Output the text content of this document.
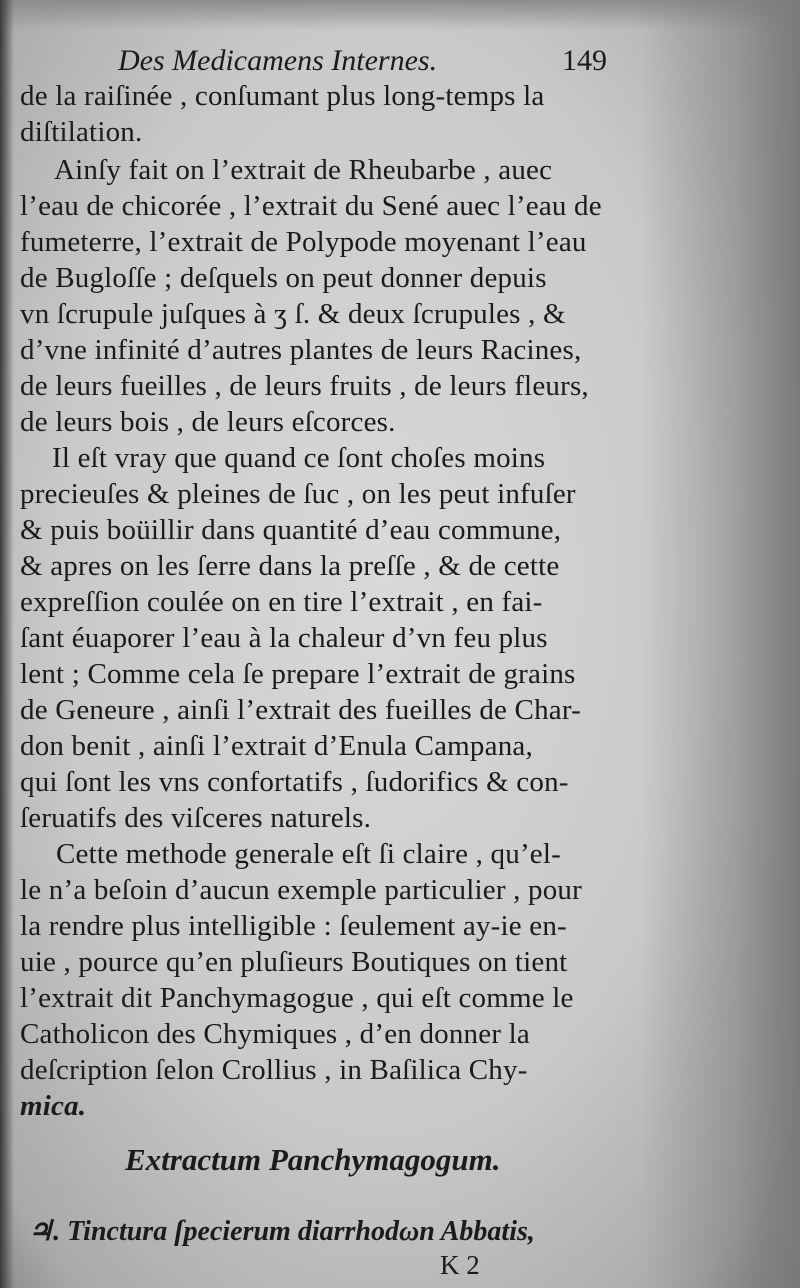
Des Medicamens Internes.	149

de la raiſinée , conſumant plus long-temps la

diſtilation.

Ainſy fait on l’extrait de Rheubarbe , auec

l’eau de chicorée , l’extrait du Sené auec l’eau de

fumeterre, l’extrait de Polypode moyenant l’eau

de Bugloſſe ; deſquels on peut donner depuis

vn ſcrupule juſques à ʒ ſ. & deux ſcrupules , &

d’vne infinité d’autres plantes de leurs Racines,

de leurs fueilles , de leurs fruits , de leurs fleurs,

de leurs bois , de leurs eſcorces.

Il eſt vray que quand ce ſont choſes moins

precieuſes & pleines de ſuc , on les peut infuſer

& puis boüillir dans quantité d’eau commune,

& apres on les ſerre dans la preſſe , & de cette

expreſſion coulée on en tire l’extrait , en fai-

ſant éuaporer l’eau à la chaleur d’vn feu plus

lent ; Comme cela ſe prepare l’extrait de grains

de Geneure , ainſi l’extrait des fueilles de Char-

don benit , ainſi l’extrait d’Enula Campana,

qui ſont les vns confortatifs , ſudorifics & con-

ſeruatifs des viſceres naturels.

Cette methode generale eſt ſi claire , qu’el-

le n’a beſoin d’aucun exemple particulier , pour

la rendre plus intelligible : ſeulement ay-ie en-

uie , pource qu’en pluſieurs Boutiques on tient

l’extrait dit Panchymagogue , qui eſt comme le

Catholicon des Chymiques , d’en donner la

deſcription ſelon Crollius , in Baſilica Chy-

mica.

Extractum Panchymagogum.
♃. Tinctura ſpecierum diarrhodωn Abbatis,
K 2
